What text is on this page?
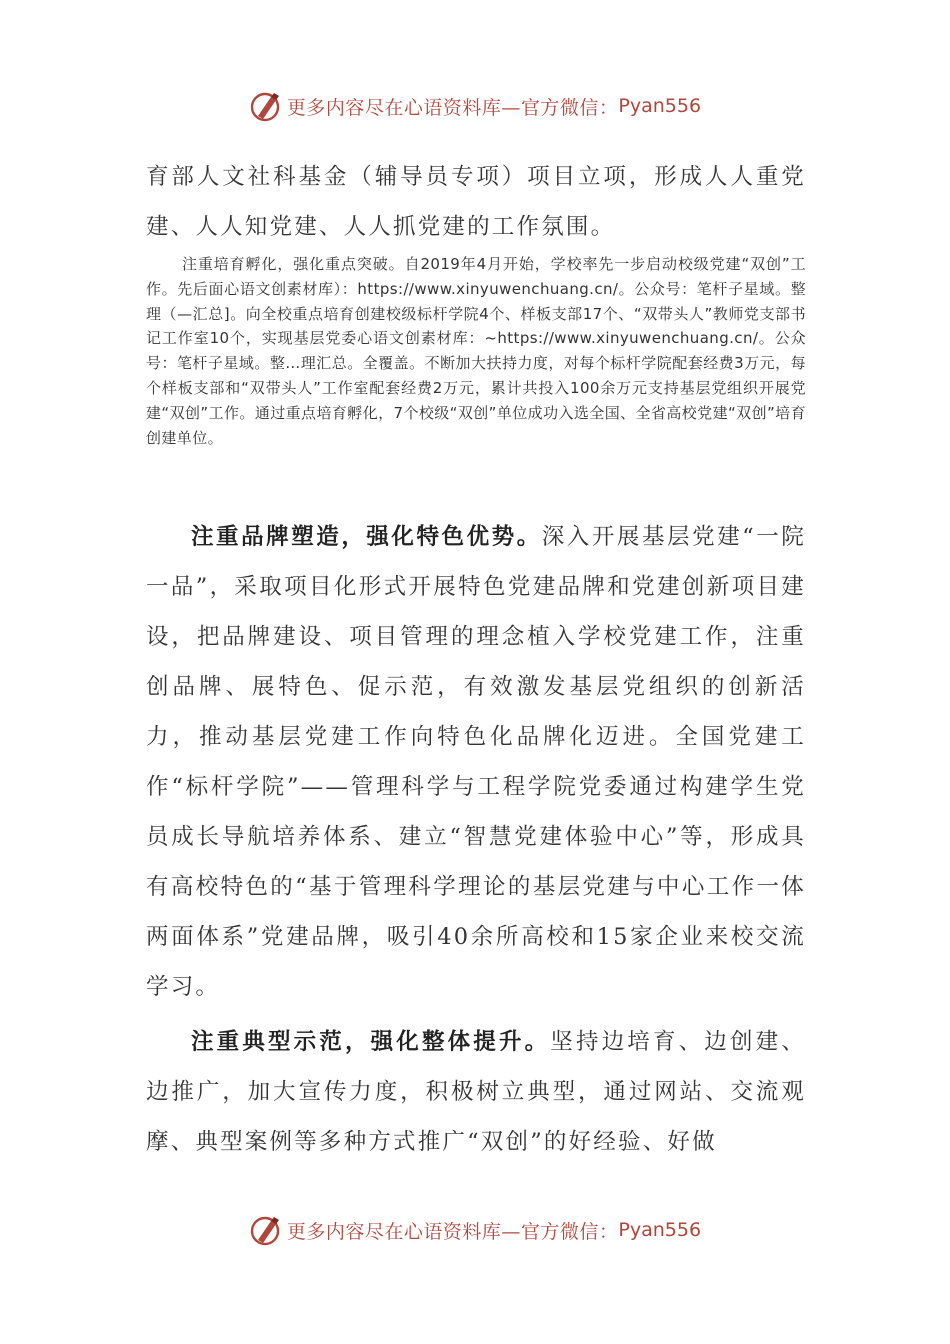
更多内容尽在心语资料库—官方微信： Pyan556

育部人文社科基金（辅导员专项）项目立项，形成人人重党建、人人知党建、人人抓党建的工作氛围。

注重培育孵化，强化重点突破。自2019年4月开始，学校率先一步启动校级党建“双创”工作。先后面心语文创素材库）：https://www.xinyuwenchuang.cn/。公众号：笔杆子星域。整理（—汇总]。向全校重点培育创建校级标杆学院4个、样板支部17个、“双带头人”教师党支部书记工作室10个，实现基层党委心语文创素材库：~https://www.xinyuwenchuang.cn/。公众号：笔杆子星域。整…理汇总。全覆盖。不断加大扶持力度，对每个标杆学院配套经费3万元，每个样板支部和“双带头人”工作室配套经费2万元，累计共投入100余万元支持基层党组织开展党建“双创”工作。通过重点培育孵化，7个校级“双创”单位成功入选全国、全省高校党建“双创”培育创建单位。

注重品牌塑造，强化特色优势。深入开展基层党建“一院一品”，采取项目化形式开展特色党建品牌和党建创新项目建设，把品牌建设、项目管理的理念植入学校党建工作，注重创品牌、展特色、促示范，有效激发基层党组织的创新活力，推动基层党建工作向特色化品牌化迈进。全国党建工作“标杆学院”——管理科学与工程学院党委通过构建学生党员成长导航培养体系、建立“智慧党建体验中心”等，形成具有高校特色的“基于管理科学理论的基层党建与中心工作一体两面体系”党建品牌，吸引40余所高校和15家企业来校交流学习。

注重典型示范，强化整体提升。坚持边培育、边创建、边推广，加大宣传力度，积极树立典型，通过网站、交流观摩、典型案例等多种方式推广“双创”的好经验、好做

更多内容尽在心语资料库—官方微信： Pyan556
